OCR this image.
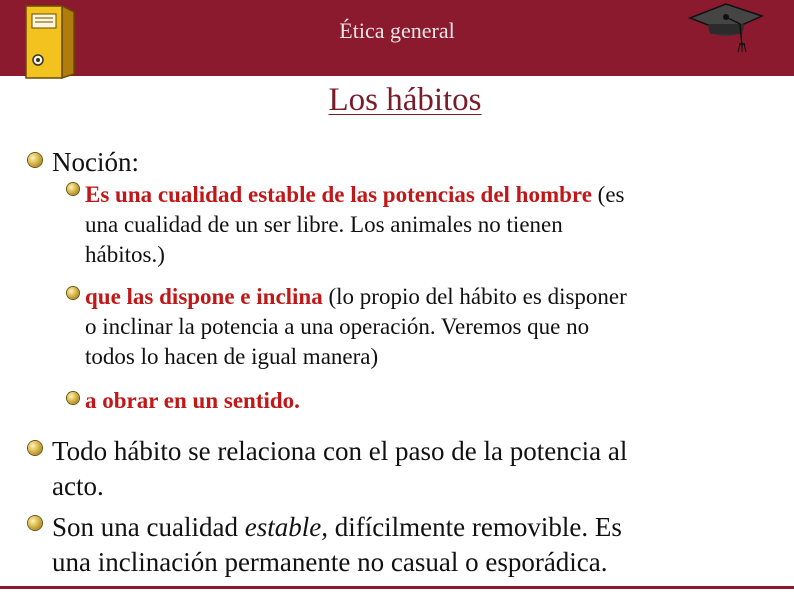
Ética general
Los hábitos
Noción:
Es una cualidad estable de las potencias del hombre (es
una cualidad de un ser libre. Los animales no tienen
hábitos.)
que las dispone e inclina (lo propio del hábito es disponer
o inclinar la potencia a una operación. Veremos que no
todos lo hacen de igual manera)
a obrar en un sentido.
Todo hábito se relaciona con el paso de la potencia al
acto.
Son una cualidad estable, difícilmente removible. Es
una inclinación permanente no casual o esporádica.
